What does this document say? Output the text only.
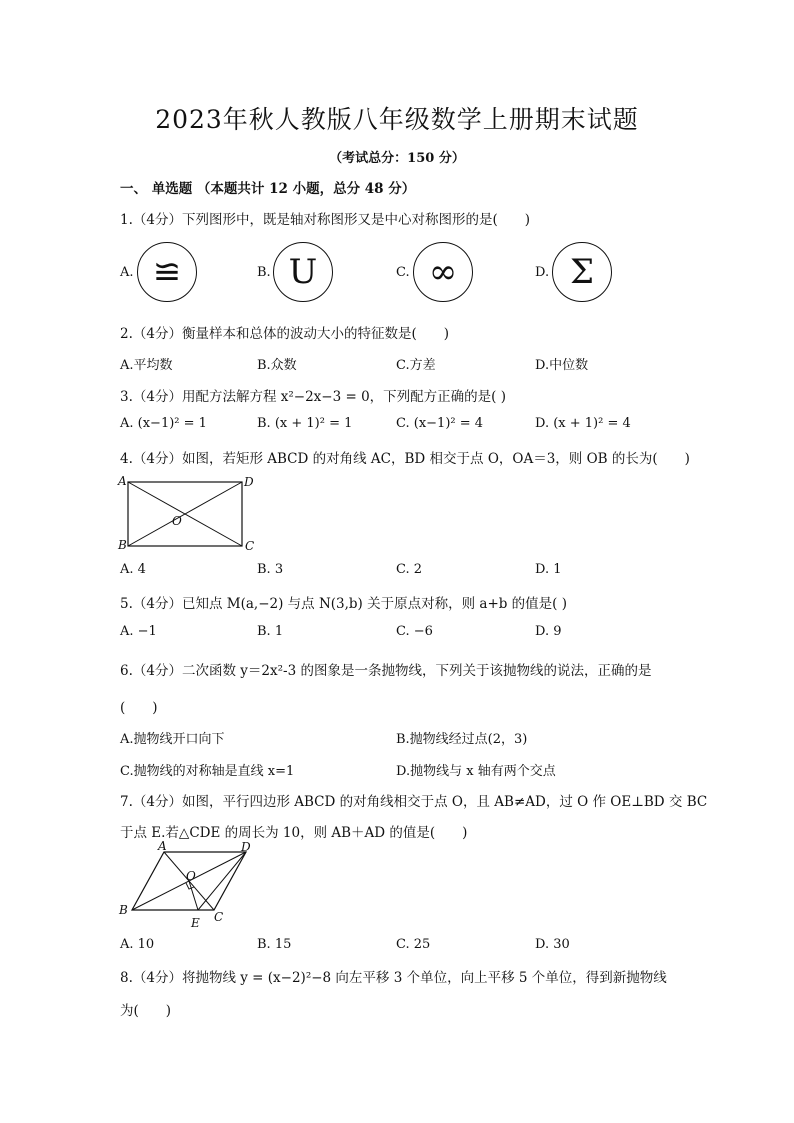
2023年秋人教版八年级数学上册期末试题
（考试总分：150 分）
一、 单选题 （本题共计 12 小题，总分 48 分）
1.（4分）下列图形中，既是轴对称图形又是中心对称图形的是(　　)
A. ≌	B. U	C. ∞	D. Σ
2.（4分）衡量样本和总体的波动大小的特征数是(　　)
A.平均数	B.众数	C.方差	D.中位数
3.（4分）用配方法解方程 x²−2x−3 = 0，下列配方正确的是( )
A. (x−1)² = 1	B. (x + 1)² = 1	C. (x−1)² = 4	D. (x + 1)² = 4
4.（4分）如图，若矩形 ABCD 的对角线 AC，BD 相交于点 O，OA＝3，则 OB 的长为(　　)
A	D
B	C
O
A. 4	B. 3	C. 2	D. 1
5.（4分）已知点 M(a,−2) 与点 N(3,b) 关于原点对称，则 a+b 的值是( )
A. −1	B. 1	C. −6	D. 9
6.（4分）二次函数 y＝2x²-3 的图象是一条抛物线，下列关于该抛物线的说法，正确的是
(　　)
A.抛物线开口向下	B.抛物线经过点(2，3)
C.抛物线的对称轴是直线 x=1	D.抛物线与 x 轴有两个交点
7.（4分）如图，平行四边形 ABCD 的对角线相交于点 O，且 AB≠AD，过 O 作 OE⊥BD 交 BC
于点 E.若△CDE 的周长为 10，则 AB＋AD 的值是(　　)
A	D
B	C
O
E
A. 10	B. 15	C. 25	D. 30
8.（4分）将抛物线 y = (x−2)²−8 向左平移 3 个单位，向上平移 5 个单位，得到新抛物线
为(　　)
